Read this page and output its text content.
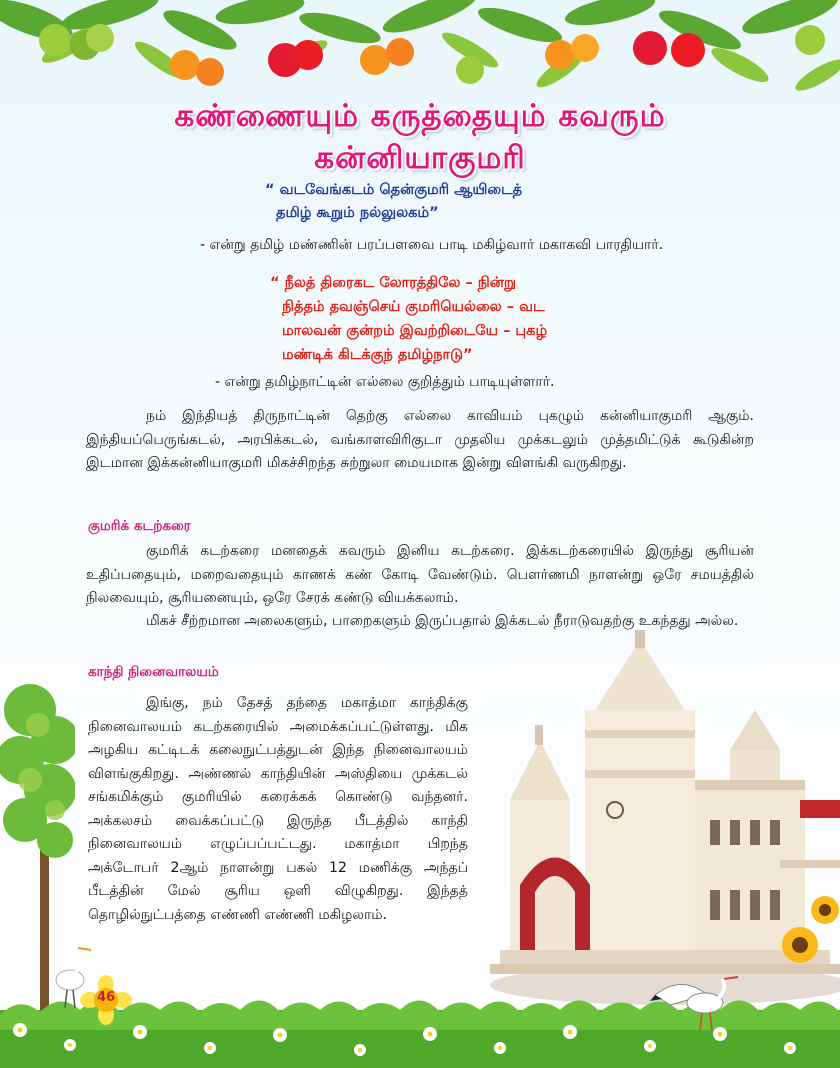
கண்ணையும் கருத்தையும் கவரும்
கன்னியாகுமரி
“ வடவேங்கடம் தென்குமரி ஆயிடைத்
தமிழ் கூறும் நல்லுலகம்”
- என்று தமிழ் மண்ணின் பரப்பளவை பாடி மகிழ்வார் மகாகவி பாரதியார்.
“ நீலத் திரைகட லோரத்திலே – நின்று
நித்தம் தவஞ்செய் குமரியெல்லை – வட
மாலவன் குன்றம் இவற்றிடையே – புகழ்
மண்டிக் கிடக்குந் தமிழ்நாடு”
- என்று தமிழ்நாட்டின் எல்லை குறித்தும் பாடியுள்ளார்.
நம் இந்தியத் திருநாட்டின் தெற்கு எல்லை காவியம் புகழும் கன்னியாகுமரி ஆகும். இந்தியப்பெருங்கடல், அரபிக்கடல், வங்காளவிரிகுடா முதலிய முக்கடலும் முத்தமிட்டுக் கூடுகின்ற இடமான இக்கன்னியாகுமரி மிகச்சிறந்த சுற்றுலா மையமாக இன்று விளங்கி வருகிறது.
குமரிக் கடற்கரை
குமரிக் கடற்கரை மனதைக் கவரும் இனிய கடற்கரை. இக்கடற்கரையில் இருந்து சூரியன் உதிப்பதையும், மறைவதையும் காணக் கண் கோடி வேண்டும். பௌர்ணமி நாளன்று ஒரே சமயத்தில் நிலவையும், சூரியனையும், ஒரே சேரக் கண்டு வியக்கலாம்.
மிகச் சீற்றமான அலைகளும், பாறைகளும் இருப்பதால் இக்கடல் நீராடுவதற்கு உகந்தது அல்ல.
காந்தி நினைவாலயம்
இங்கு, நம் தேசத் தந்தை மகாத்மா காந்திக்கு நினைவாலயம் கடற்கரையில் அமைக்கப்பட்டுள்ளது. மிக அழகிய கட்டிடக் கலைநுட்பத்துடன் இந்த நினைவாலயம் விளங்குகிறது. அண்ணல் காந்தியின் அஸ்தியை முக்கடல் சங்கமிக்கும் குமரியில் கரைக்கக் கொண்டு வந்தனர். அக்கலசம் வைக்கப்பட்டு இருந்த பீடத்தில் காந்தி நினைவாலயம் எழுப்பப்பட்டது. மகாத்மா பிறந்த அக்டோபர் 2ஆம் நாளன்று பகல் 12 மணிக்கு அந்தப் பீடத்தின் மேல் சூரிய ஒளி விழுகிறது. இந்தத் தொழில்நுட்பத்தை எண்ணி எண்ணி மகிழலாம்.
46
